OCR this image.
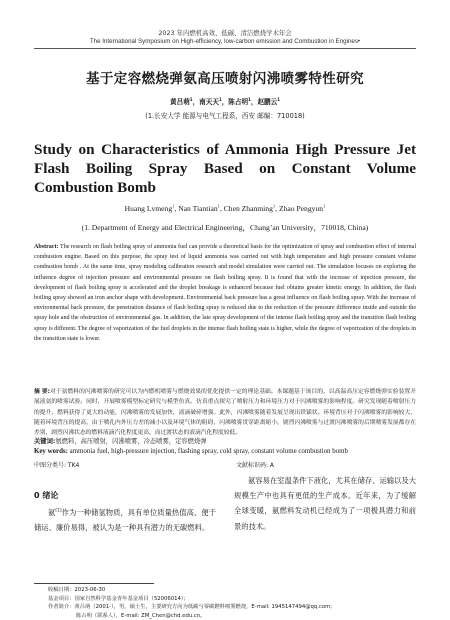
2023 年内燃机高效、低碳、清洁燃烧学术年会
The International Symposium on High-efficiency, low-carbon emission and Combustion in Engines•
基于定容燃烧弹氨高压喷射闪沸喷雾特性研究
黄吕萌$^1$，南天天$^1$，陈占明$^1$，赵鹏云$^1$
(1.长安大学 能源与电气工程系，西安 邮编：710018)
Study on Characteristics of Ammonia High Pressure Jet
Flash Boiling Spray Based on Constant Volume
Combustion Bomb
Huang Lvmeng$^1$, Nan Tiantian$^1$, Chen Zhanming$^1$, Zhao Pengyun$^1$
(1. Department of Energy and Electrical Engineering，Chang’an University，710018, China)
Abstract: The research on flash boiling spray of ammonia fuel can provide a theoretical basis for the optimization of spray and combustion effect of internal combustion engine. Based on this purpose, the spray test of liquid ammonia was carried out with high temperature and high pressure constant volume combustion bomb . At the same time, spray modeling calibration research and model simulation were carried out. The simulation focuses on exploring the influence degree of injection pressure and environmental pressure on flash boiling spray. It is found that with the increase of injection pressure, the development of flash boiling spray is accelerated and the droplet breakage is enhanced because fuel obtains greater kinetic energy. In addition, the flash boiling spray showed an iron anchor shape with development. Environmental back pressure has a great influence on flash boiling spray. With the increase of environmental back pressure, the penetration distance of flash boiling spray is reduced due to the reduction of the pressure difference inside and outside the spray hole and the obstruction of environmental gas. In addition, the late spray development of the intense flash boiling spray and the transition flash boiling spray is different. The degree of vaporization of the fuel droplets in the intense flash boiling state is higher, while the degree of vaporization of the droplets in the transition state is lower.
摘 要:对于氨燃料的闪沸喷雾的研究可以为内燃机喷雾与燃烧效果的优化提供一定的理论基础。本课题基于该目的，以高温高压定容燃烧弹实验装置开展液氨的喷雾试验。同时，开展喷雾模型标定研究与模型仿真。仿真重点探究了喷射压力和环境压力对于闪沸喷雾的影响程度。研究发现随着喷射压力的提升，燃料获得了更大的动能，闪沸喷雾的发展加快，液滴破碎增强。此外，闪沸喷雾随着发展呈现出铁锚状。环境背压对于闪沸喷雾的影响较大，随着环境背压的提高，由于喷孔内外压力差的减小以及环境气体的阻碍，闪沸喷雾贯穿距离缩小。剧烈闪沸喷雾与过渡闪沸喷雾的后期喷雾发展都存在差别，剧烈闪沸状态的燃料液滴汽化程度更高，而过渡状态的液滴汽化程度较低。
关键词:氨燃料，高压喷射，闪沸喷雾，冷态喷雾，定容燃烧弹
Key words: ammonia fuel, high-pressure injection, flashing spray, cold spray, constant volume combustion bomb
中图分类号: TK4	文献标识码: A
0 绪论
氨[1]作为一种储氢物质，具有单位质量热值高、便于储运、廉价易得，被认为是一种具有潜力的无碳燃料。
氨容易在室温条件下液化，尤其在储存、运输以及大规模生产中也具有更低的生产成本。近年来，为了缓解全球变暖，氨燃料发动机已经成为了一项极具潜力和前景的技术。

收稿日期：2023-06-30

基金项目：国家自然科学基金青年基金项目（52006014）；

作者简介：黄吕萌（2001-），男，硕士生，主要研究方向为低碳与零碳燃料喷雾燃烧，E-mail: 1945147494@qq.com;

陈占明（联系人），E-mail: ZM_Chen@chd.edu.cn。
